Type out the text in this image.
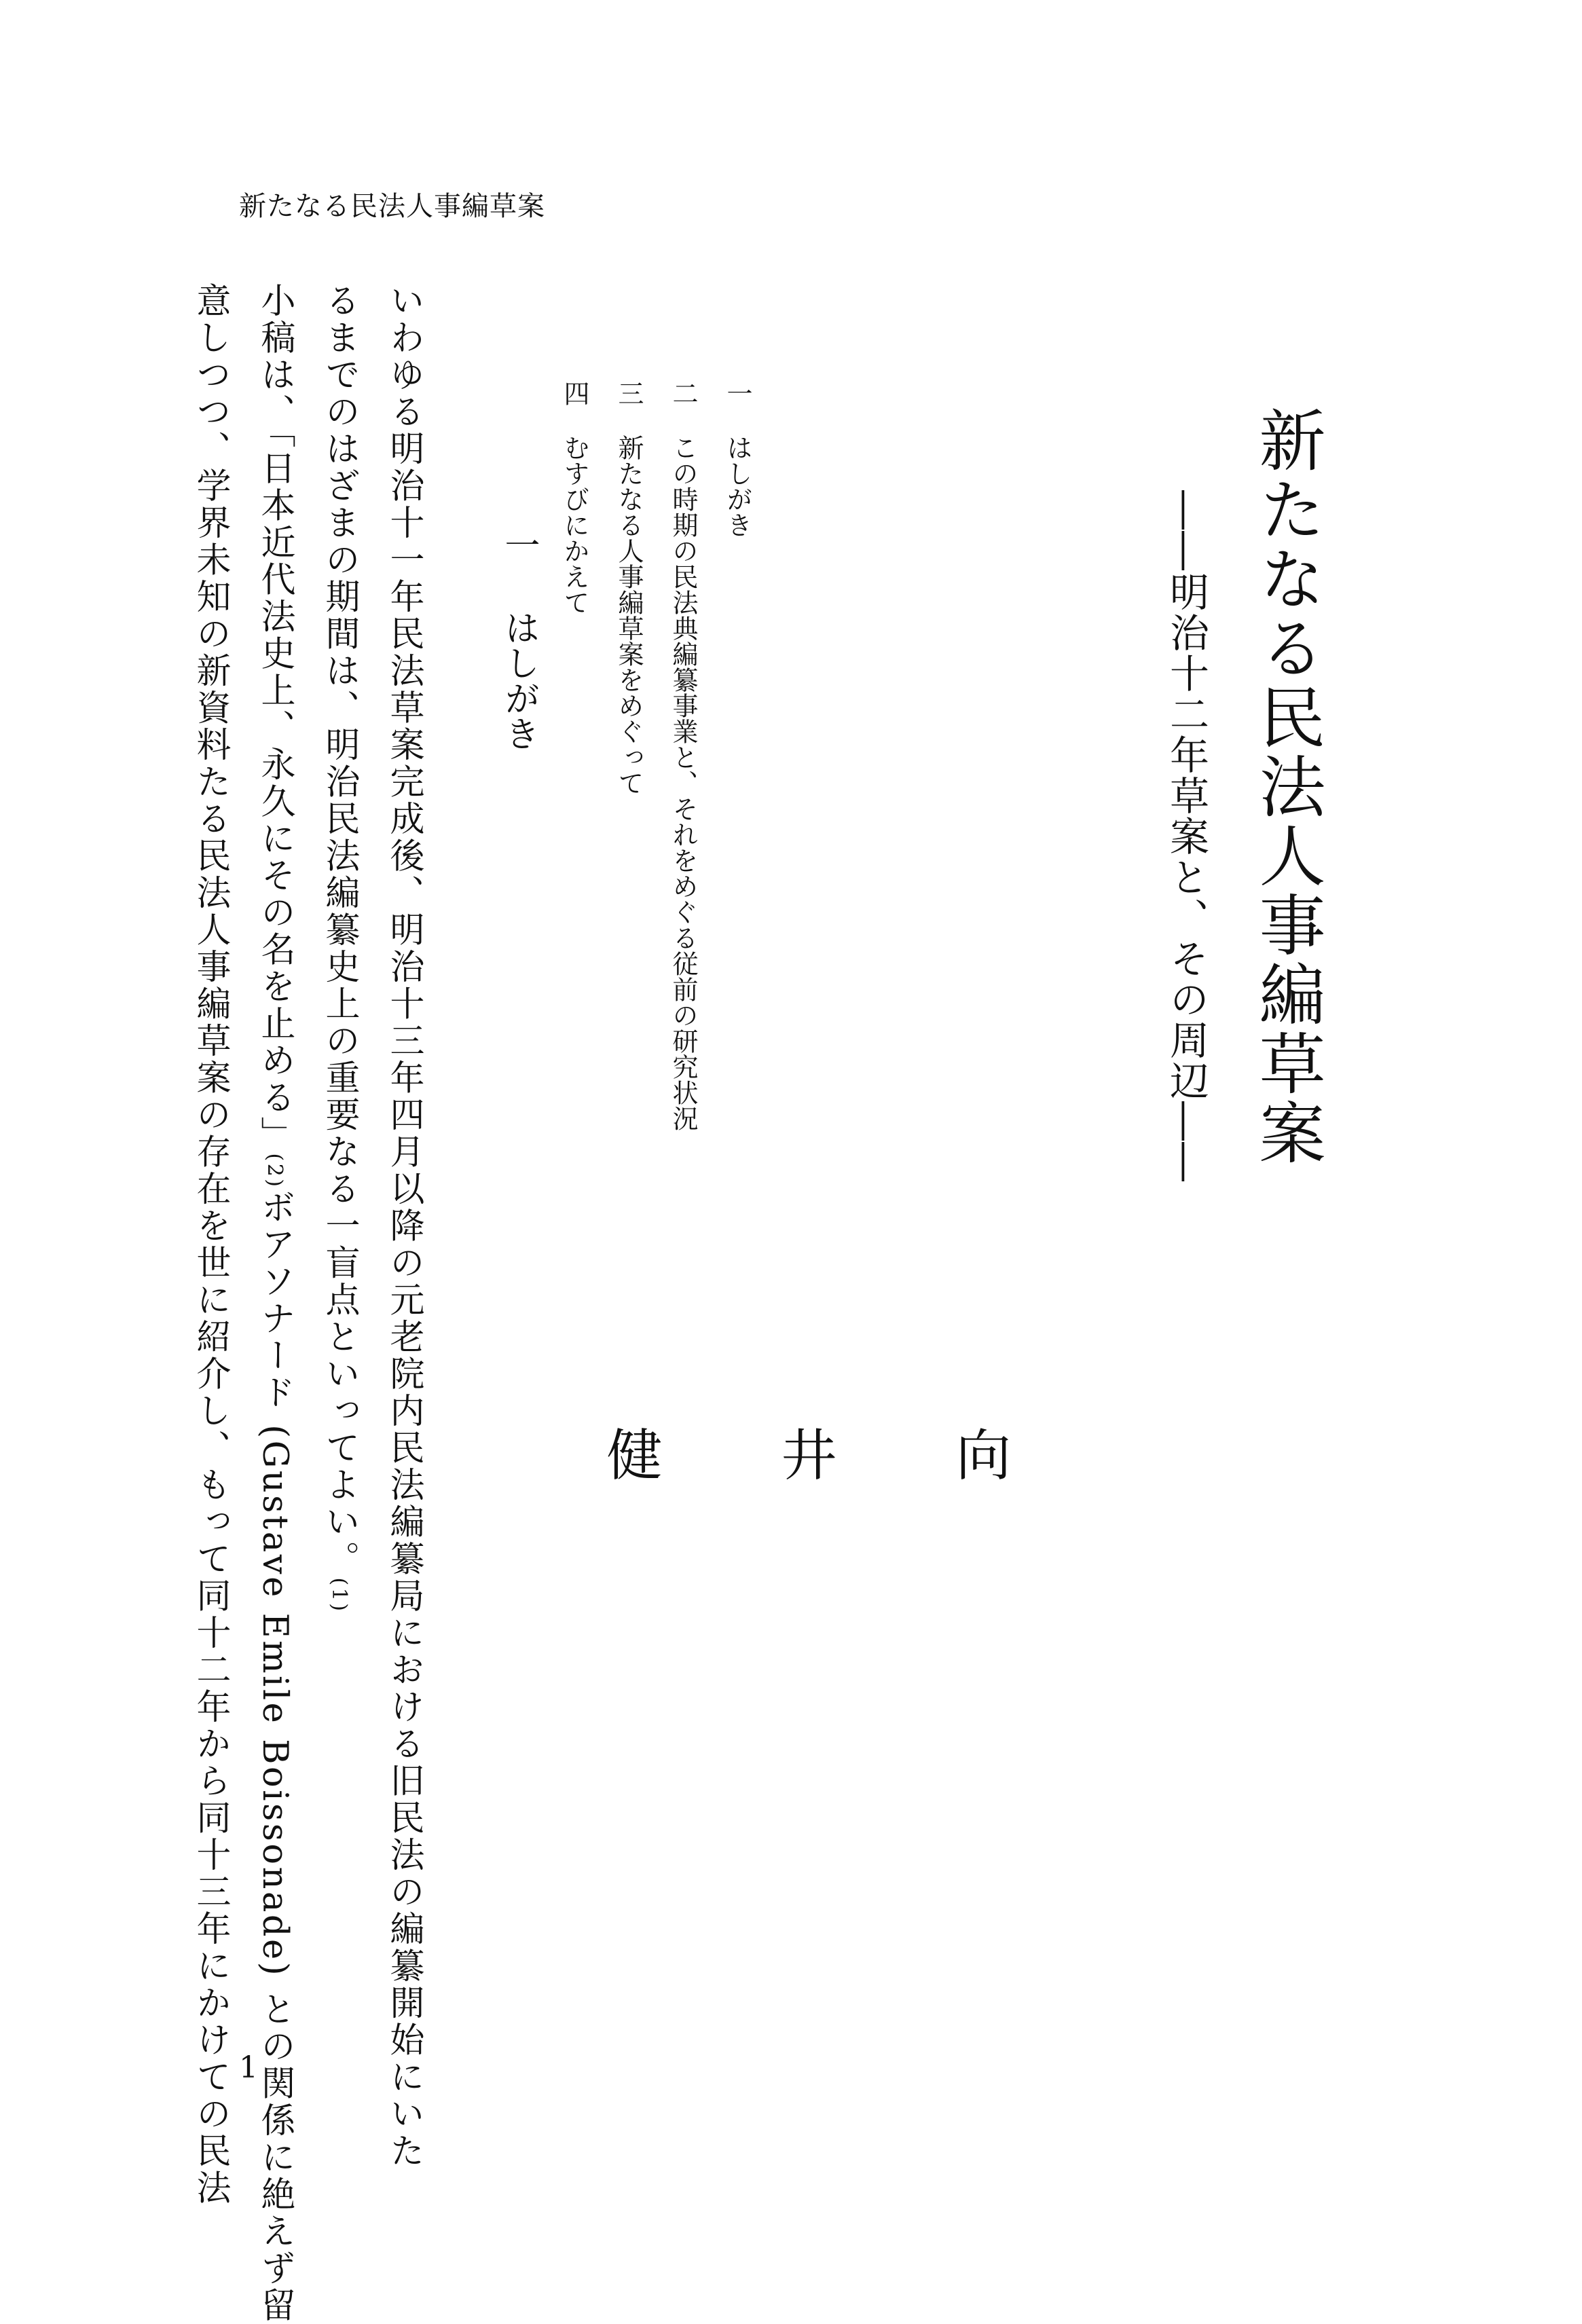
新たなる民法人事編草案
新たなる民法人事編草案
――明治十二年草案と、その周辺――
向
井
健
一
はしがき
二
この時期の民法典編纂事業と、それをめぐる従前の研究状況
三
新たなる人事編草案をめぐって
四
むすびにかえて
一
はしがき
いわゆる明治十一年民法草案完成後、明治十三年四月以降の元老院内民法編纂局における旧民法の編纂開始にいた
るまでのはざまの期間は、明治民法編纂史上の重要なる一盲点といってよい。(1)
小稿は、「日本近代法史上、永久にその名を止める」(2)ボアソナード (Gustave Emile Boissonade) との関係に絶えず留
意しつつ、学界未知の新資料たる民法人事編草案の存在を世に紹介し、もって同十二年から同十三年にかけての民法 1
